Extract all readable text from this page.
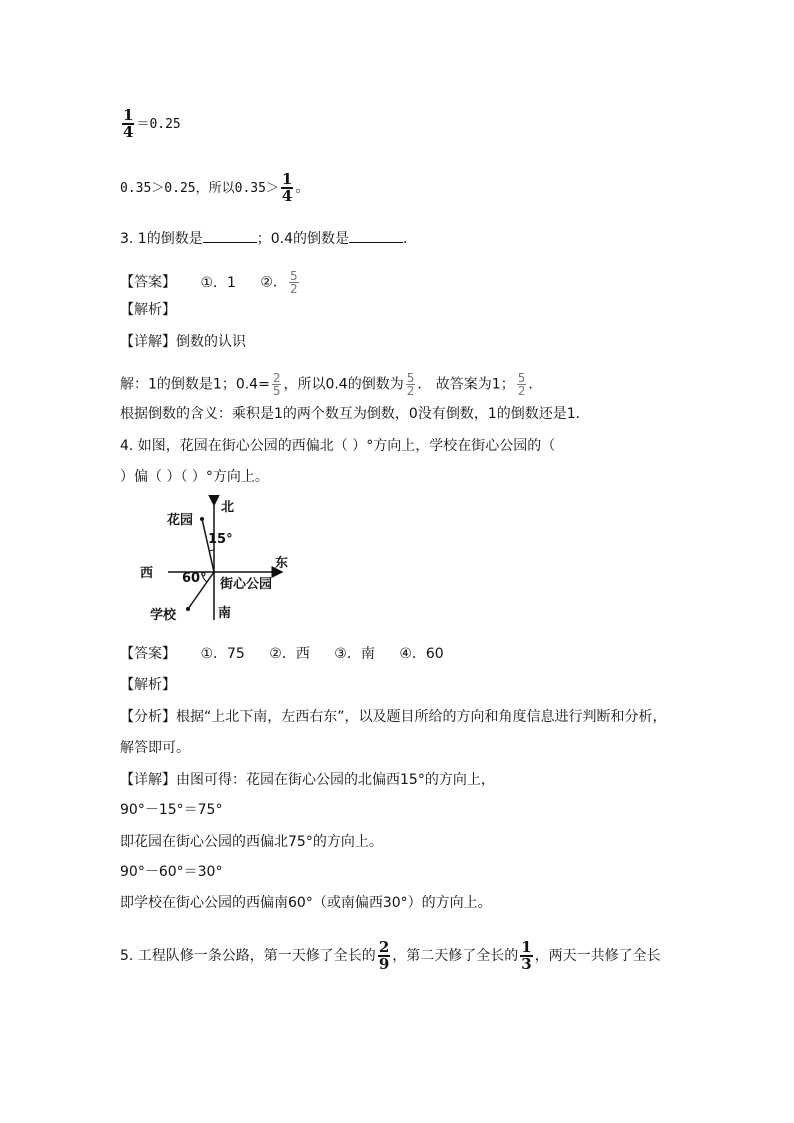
$\frac{1}{4} =0.25$
0.35＞0.25，所以$0.35> \frac{1}{4}$ 。
3. 1的倒数是	；0.4的倒数是	．
【答案】 ①．1 ②． $\frac{5}{2}$
【解析】
【详解】倒数的认识
解：1的倒数是1；$0.4= \frac{2}{5}$ ，所以0.4的倒数为 $\frac{5}{2}$ ． 故答案为1； $\frac{5}{2}$ ．
根据倒数的含义：乘积是1的两个数互为倒数，0没有倒数，1的倒数还是1．
4. 如图，花园在街心公园的西偏北（ ）°方向上，学校在街心公园的（
）偏（ ）（ ）°方向上。
北
南
东
西
花园
学校
街心公园
15°
60°
【答案】 ①．75 ②．西 ③．南 ④．60
【解析】
【分析】根据“上北下南，左西右东”，以及题目所给的方向和角度信息进行判断和分析，
解答即可。
【详解】由图可得：花园在街心公园的北偏西15°的方向上，
90°－15°＝75°
即花园在街心公园的西偏北75°的方向上。
90°－60°＝30°
即学校在街心公园的西偏南60°（或南偏西30°）的方向上。
5. 工程队修一条公路，第一天修了全长的 $\frac{2}{9}$ ，第二天修了全长的 $\frac{1}{3}$ ，两天一共修了全长
